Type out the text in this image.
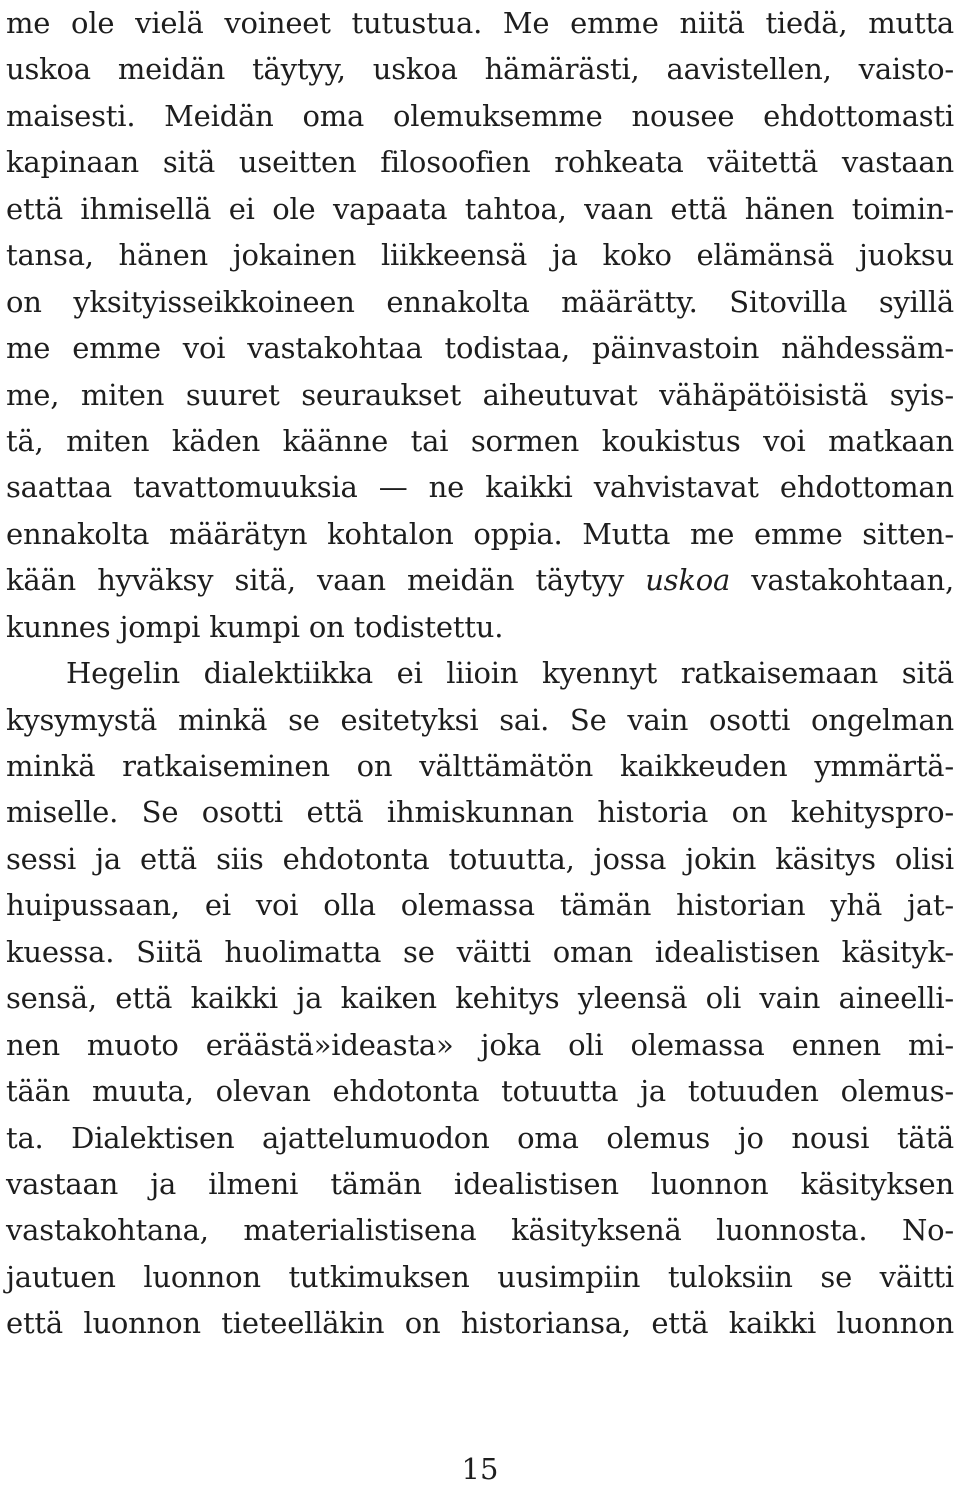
me ole vielä voineet tutustua. Me emme niitä tiedä, mutta
uskoa meidän täytyy, uskoa hämärästi, aavistellen, vaisto-
maisesti. Meidän oma olemuksemme nousee ehdottomasti
kapinaan sitä useitten filosoofien rohkeata väitettä vastaan
että ihmisellä ei ole vapaata tahtoa, vaan että hänen toimin-
tansa, hänen jokainen liikkeensä ja koko elämänsä juoksu
on yksityisseikkoineen ennakolta määrätty. Sitovilla syillä
me emme voi vastakohtaa todistaa, päinvastoin nähdessäm-
me, miten suuret seuraukset aiheutuvat vähäpätöisistä syis-
tä, miten käden käänne tai sormen koukistus voi matkaan
saattaa tavattomuuksia — ne kaikki vahvistavat ehdottoman
ennakolta määrätyn kohtalon oppia. Mutta me emme sitten-
kään hyväksy sitä, vaan meidän täytyy uskoa vastakohtaan,
kunnes jompi kumpi on todistettu.
Hegelin dialektiikka ei liioin kyennyt ratkaisemaan sitä
kysymystä minkä se esitetyksi sai. Se vain osotti ongelman
minkä ratkaiseminen on välttämätön kaikkeuden ymmärtä-
miselle. Se osotti että ihmiskunnan historia on kehityspro-
sessi ja että siis ehdotonta totuutta, jossa jokin käsitys olisi
huipussaan, ei voi olla olemassa tämän historian yhä jat-
kuessa. Siitä huolimatta se väitti oman idealistisen käsityk-
sensä, että kaikki ja kaiken kehitys yleensä oli vain aineelli-
nen muoto eräästä»ideasta» joka oli olemassa ennen mi-
tään muuta, olevan ehdotonta totuutta ja totuuden olemus-
ta. Dialektisen ajattelumuodon oma olemus jo nousi tätä
vastaan ja ilmeni tämän idealistisen luonnon käsityksen
vastakohtana, materialistisena käsityksenä luonnosta. No-
jautuen luonnon tutkimuksen uusimpiin tuloksiin se väitti
että luonnon tieteelläkin on historiansa, että kaikki luonnon
15
